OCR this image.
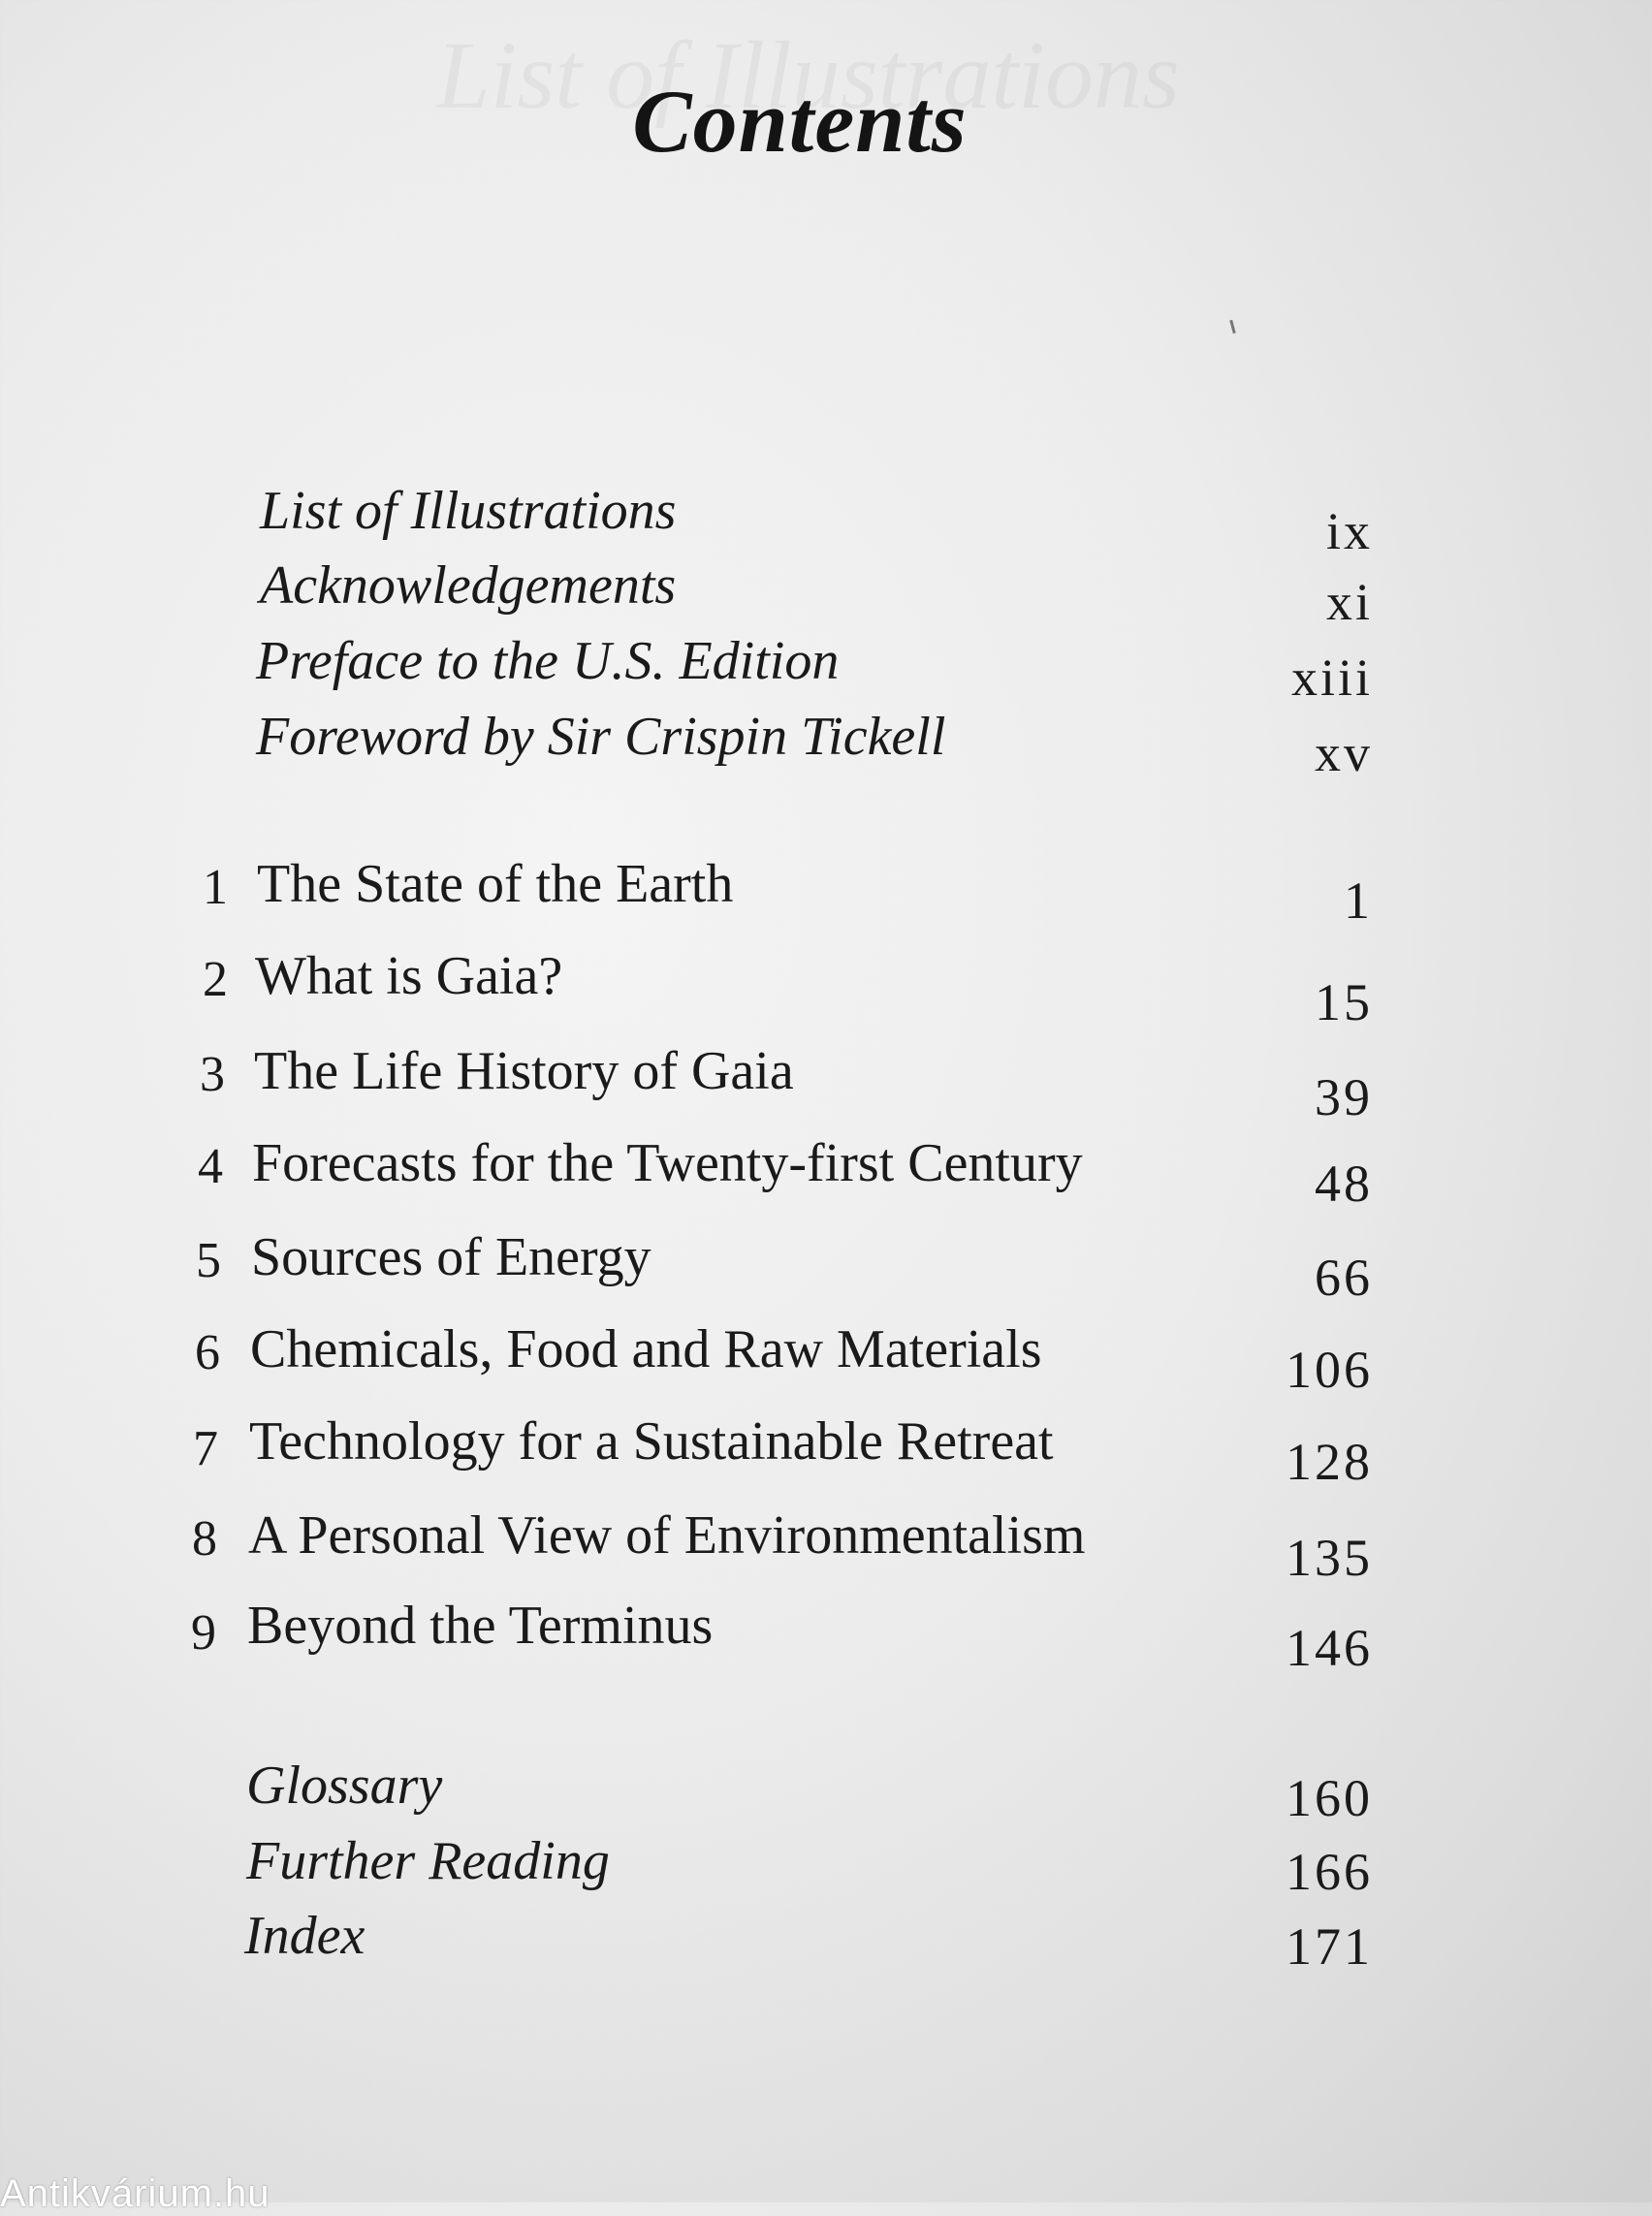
Contents
List of Illustrations	ix
Acknowledgements	xi
Preface to the U.S. Edition	xiii
Foreword by Sir Crispin Tickell	xv
1 The State of the Earth	1
2 What is Gaia?	15
3 The Life History of Gaia	39
4 Forecasts for the Twenty-first Century	48
5 Sources of Energy	66
6 Chemicals, Food and Raw Materials	106
7 Technology for a Sustainable Retreat	128
8 A Personal View of Environmentalism	135
9 Beyond the Terminus	146
Glossary	160
Further Reading	166
Index	171
Antikvárium.hu
